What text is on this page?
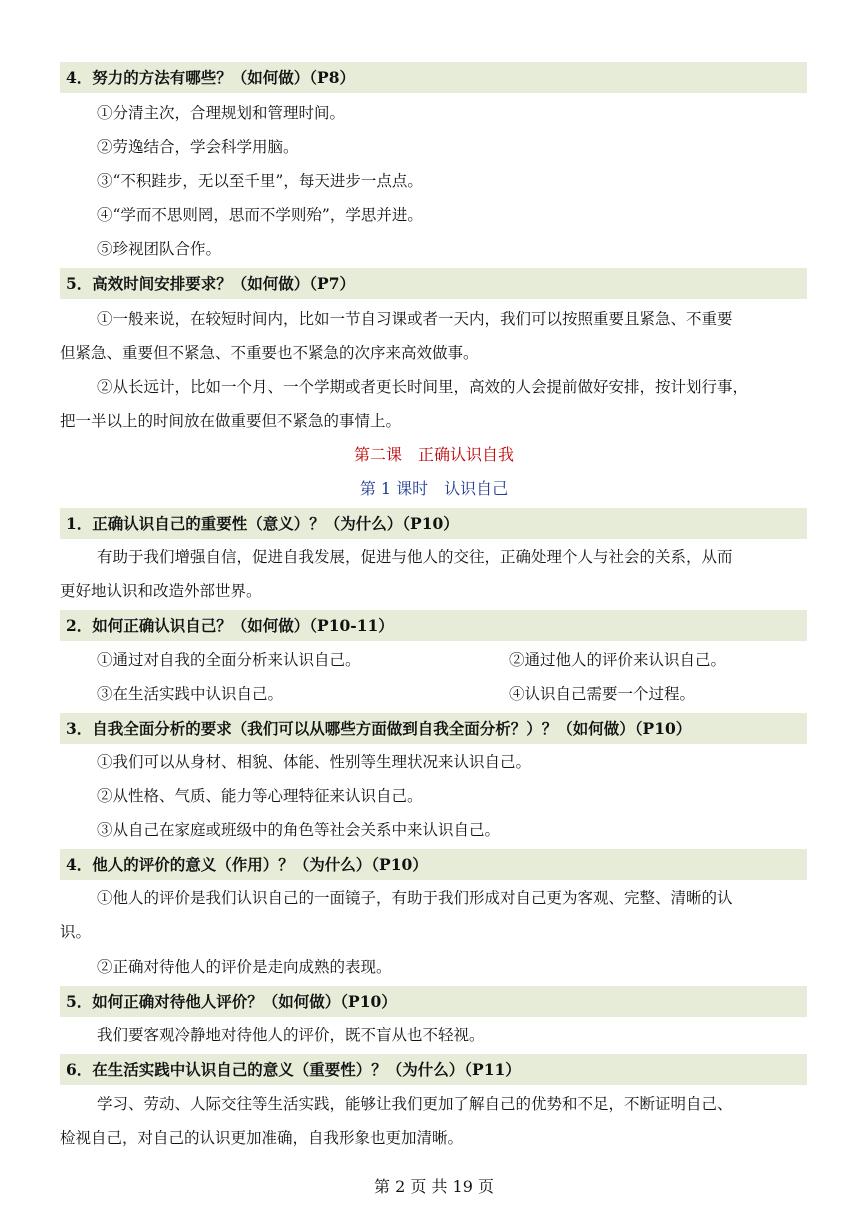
4．努力的方法有哪些？（如何做）（P8）
①分清主次，合理规划和管理时间。
②劳逸结合，学会科学用脑。
③“不积跬步，无以至千里”，每天进步一点点。
④“学而不思则罔，思而不学则殆”，学思并进。
⑤珍视团队合作。
5．高效时间安排要求？（如何做）（P7）
①一般来说，在较短时间内，比如一节自习课或者一天内，我们可以按照重要且紧急、不重要
但紧急、重要但不紧急、不重要也不紧急的次序来高效做事。
②从长远计，比如一个月、一个学期或者更长时间里，高效的人会提前做好安排，按计划行事，
把一半以上的时间放在做重要但不紧急的事情上。
第二课　正确认识自我
第 1 课时　认识自己
1．正确认识自己的重要性（意义）？（为什么）（P10）
有助于我们增强自信，促进自我发展，促进与他人的交往，正确处理个人与社会的关系，从而
更好地认识和改造外部世界。
2．如何正确认识自己？（如何做）（P10-11）
①通过对自我的全面分析来认识自己。	②通过他人的评价来认识自己。
③在生活实践中认识自己。	④认识自己需要一个过程。
3．自我全面分析的要求（我们可以从哪些方面做到自我全面分析？）？（如何做）（P10）
①我们可以从身材、相貌、体能、性别等生理状况来认识自己。
②从性格、气质、能力等心理特征来认识自己。
③从自己在家庭或班级中的角色等社会关系中来认识自己。
4．他人的评价的意义（作用）？（为什么）（P10）
①他人的评价是我们认识自己的一面镜子，有助于我们形成对自己更为客观、完整、清晰的认
识。
②正确对待他人的评价是走向成熟的表现。
5．如何正确对待他人评价？（如何做）（P10）
我们要客观冷静地对待他人的评价，既不盲从也不轻视。
6．在生活实践中认识自己的意义（重要性）？（为什么）（P11）
学习、劳动、人际交往等生活实践，能够让我们更加了解自己的优势和不足，不断证明自己、
检视自己，对自己的认识更加准确，自我形象也更加清晰。
第 2 页 共 19 页
